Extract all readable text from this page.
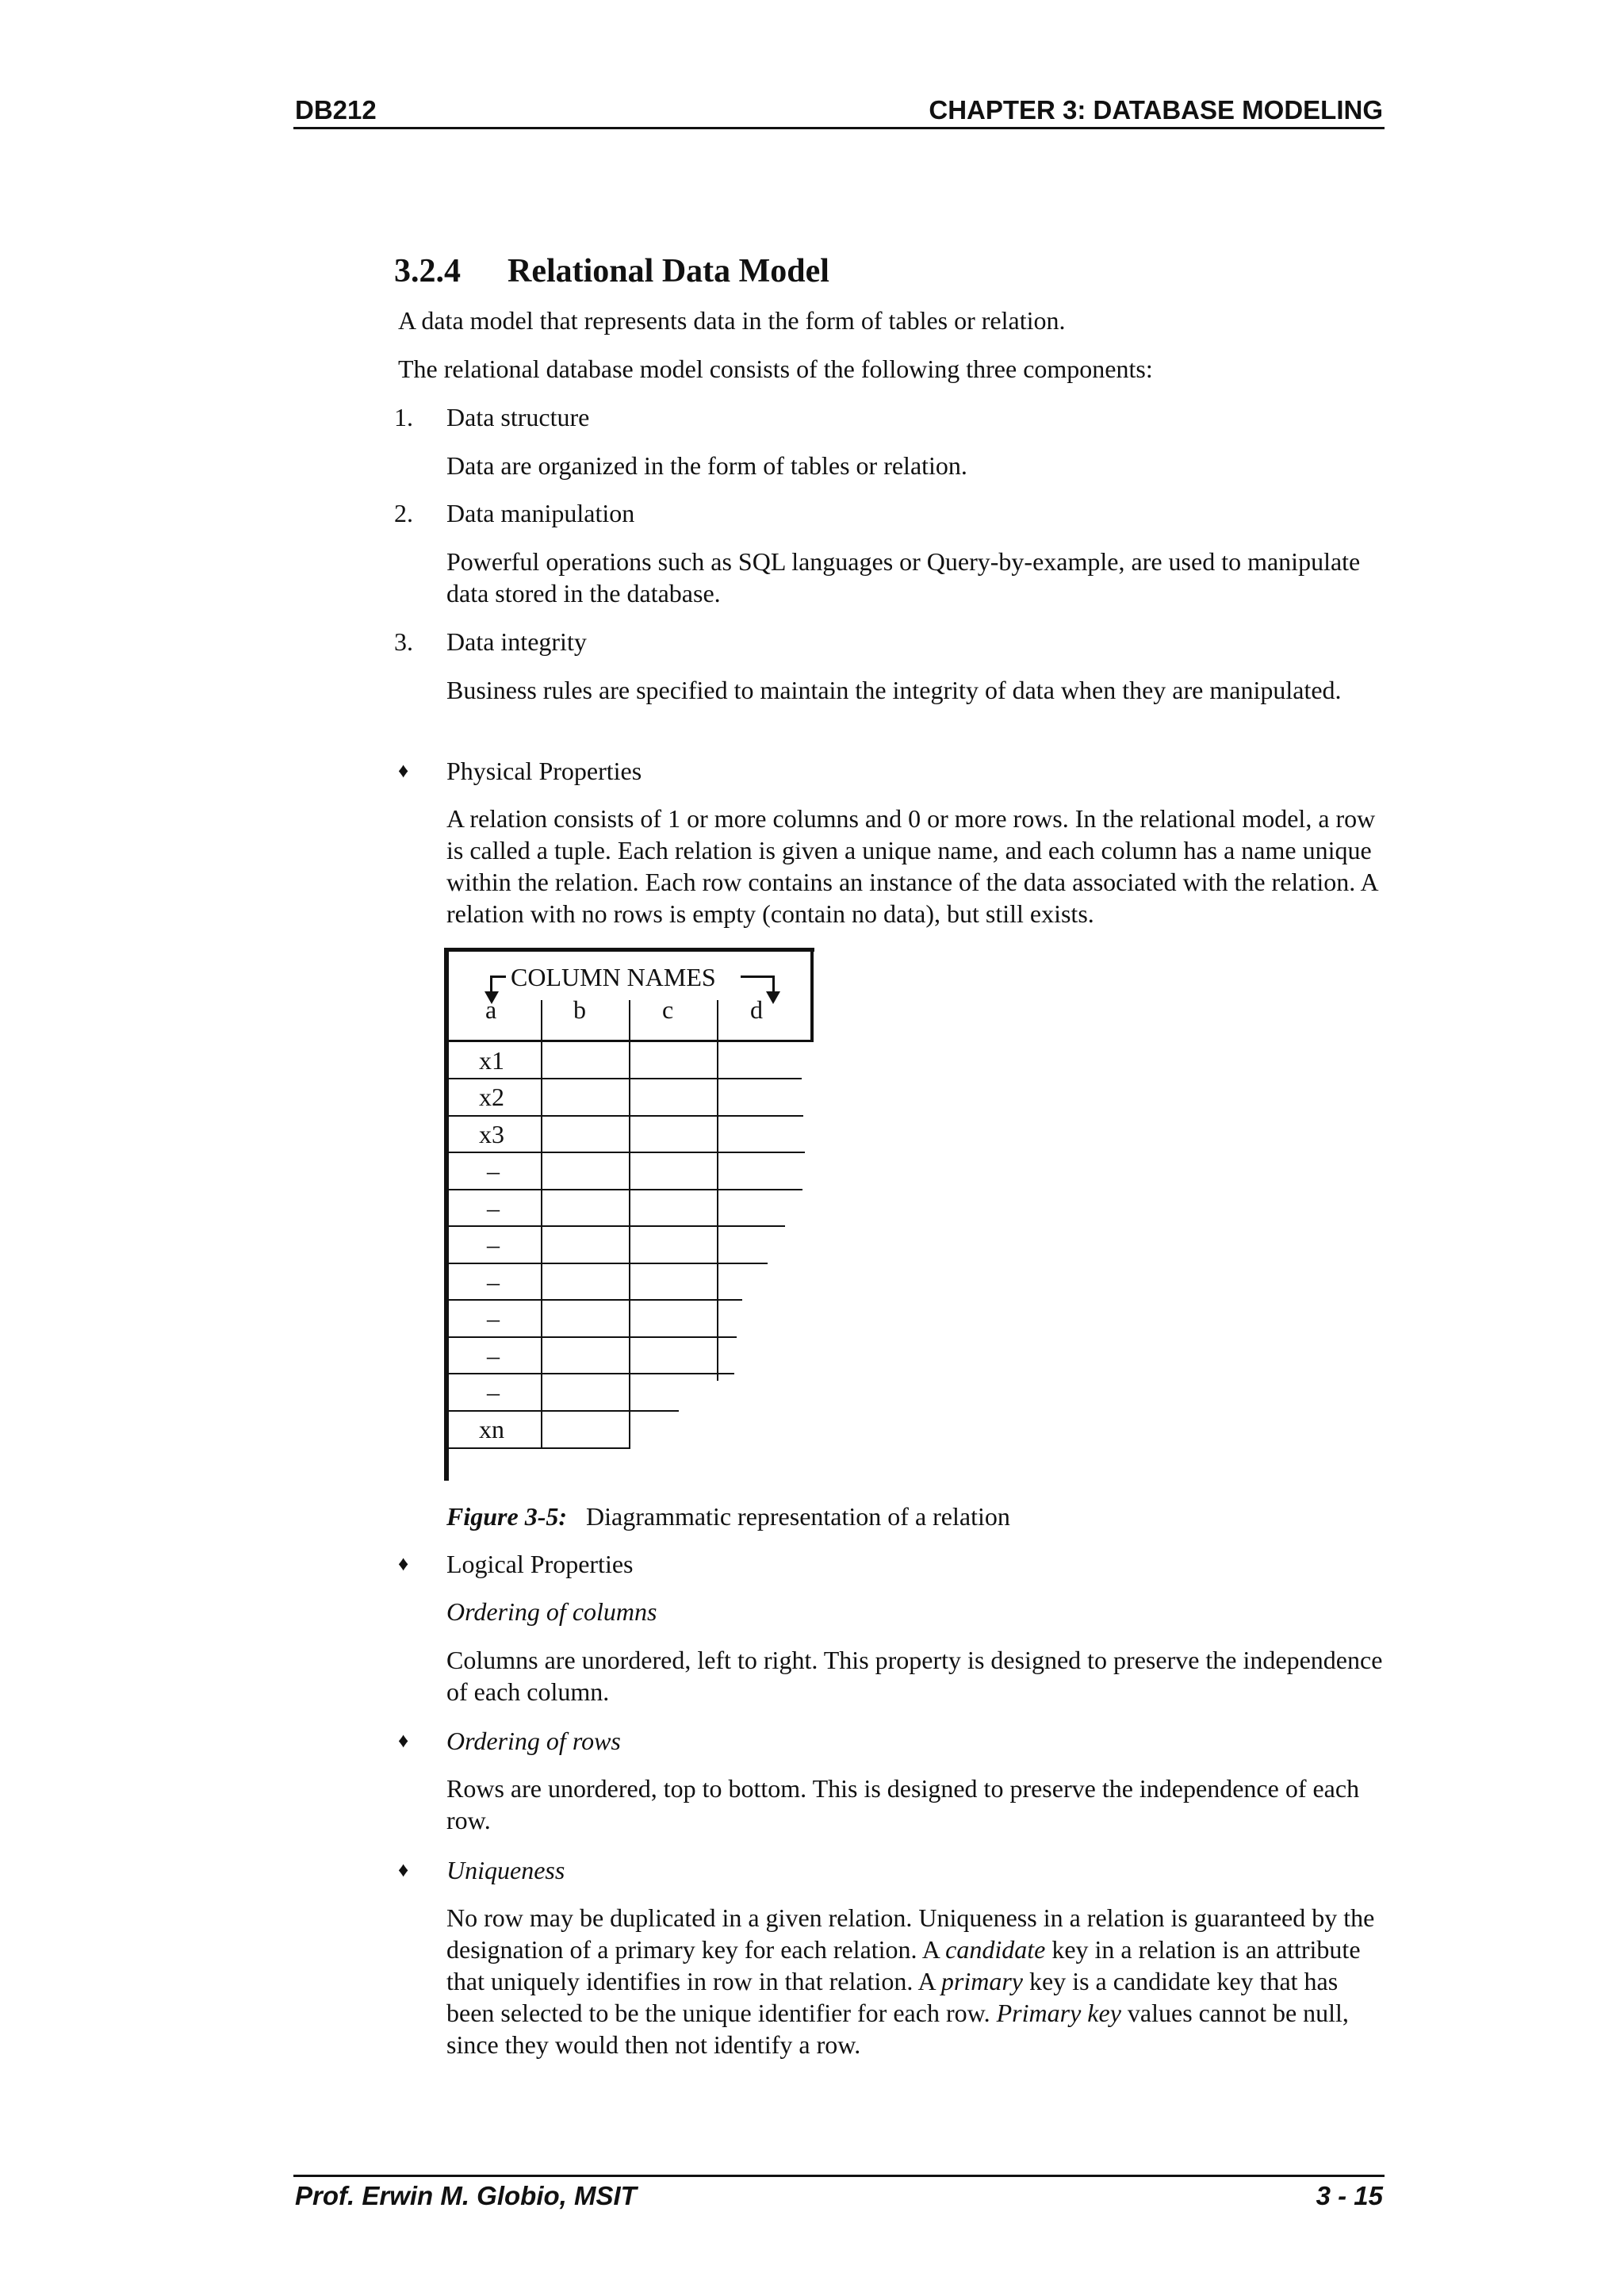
DB212	CHAPTER 3: DATABASE MODELING
3.2.4 Relational Data Model
A data model that represents data in the form of tables or relation.
The relational database model consists of the following three components:
1.	Data structure
Data are organized in the form of tables or relation.
2.	Data manipulation
Powerful operations such as SQL languages or Query-by-example, are used to manipulate data stored in the database.
3.	Data integrity
Business rules are specified to maintain the integrity of data when they are manipulated.
♦	Physical Properties
A relation consists of 1 or more columns and 0 or more rows. In the relational model, a row is called a tuple. Each relation is given a unique name, and each column has a name unique within the relation. Each row contains an instance of the data associated with the relation. A relation with no rows is empty (contain no data), but still exists.
COLUMN NAMES
a	b	c	d
x1
x2
x3
–
–
–
–
–
–
–
xn
Figure 3-5: Diagrammatic representation of a relation
♦	Logical Properties
Ordering of columns
Columns are unordered, left to right. This property is designed to preserve the independence of each column.
♦	Ordering of rows
Rows are unordered, top to bottom. This is designed to preserve the independence of each row.
♦	Uniqueness
No row may be duplicated in a given relation. Uniqueness in a relation is guaranteed by the designation of a primary key for each relation. A candidate key in a relation is an attribute that uniquely identifies in row in that relation. A primary key is a candidate key that has been selected to be the unique identifier for each row. Primary key values cannot be null, since they would then not identify a row.
Prof. Erwin M. Globio, MSIT	3 - 15
